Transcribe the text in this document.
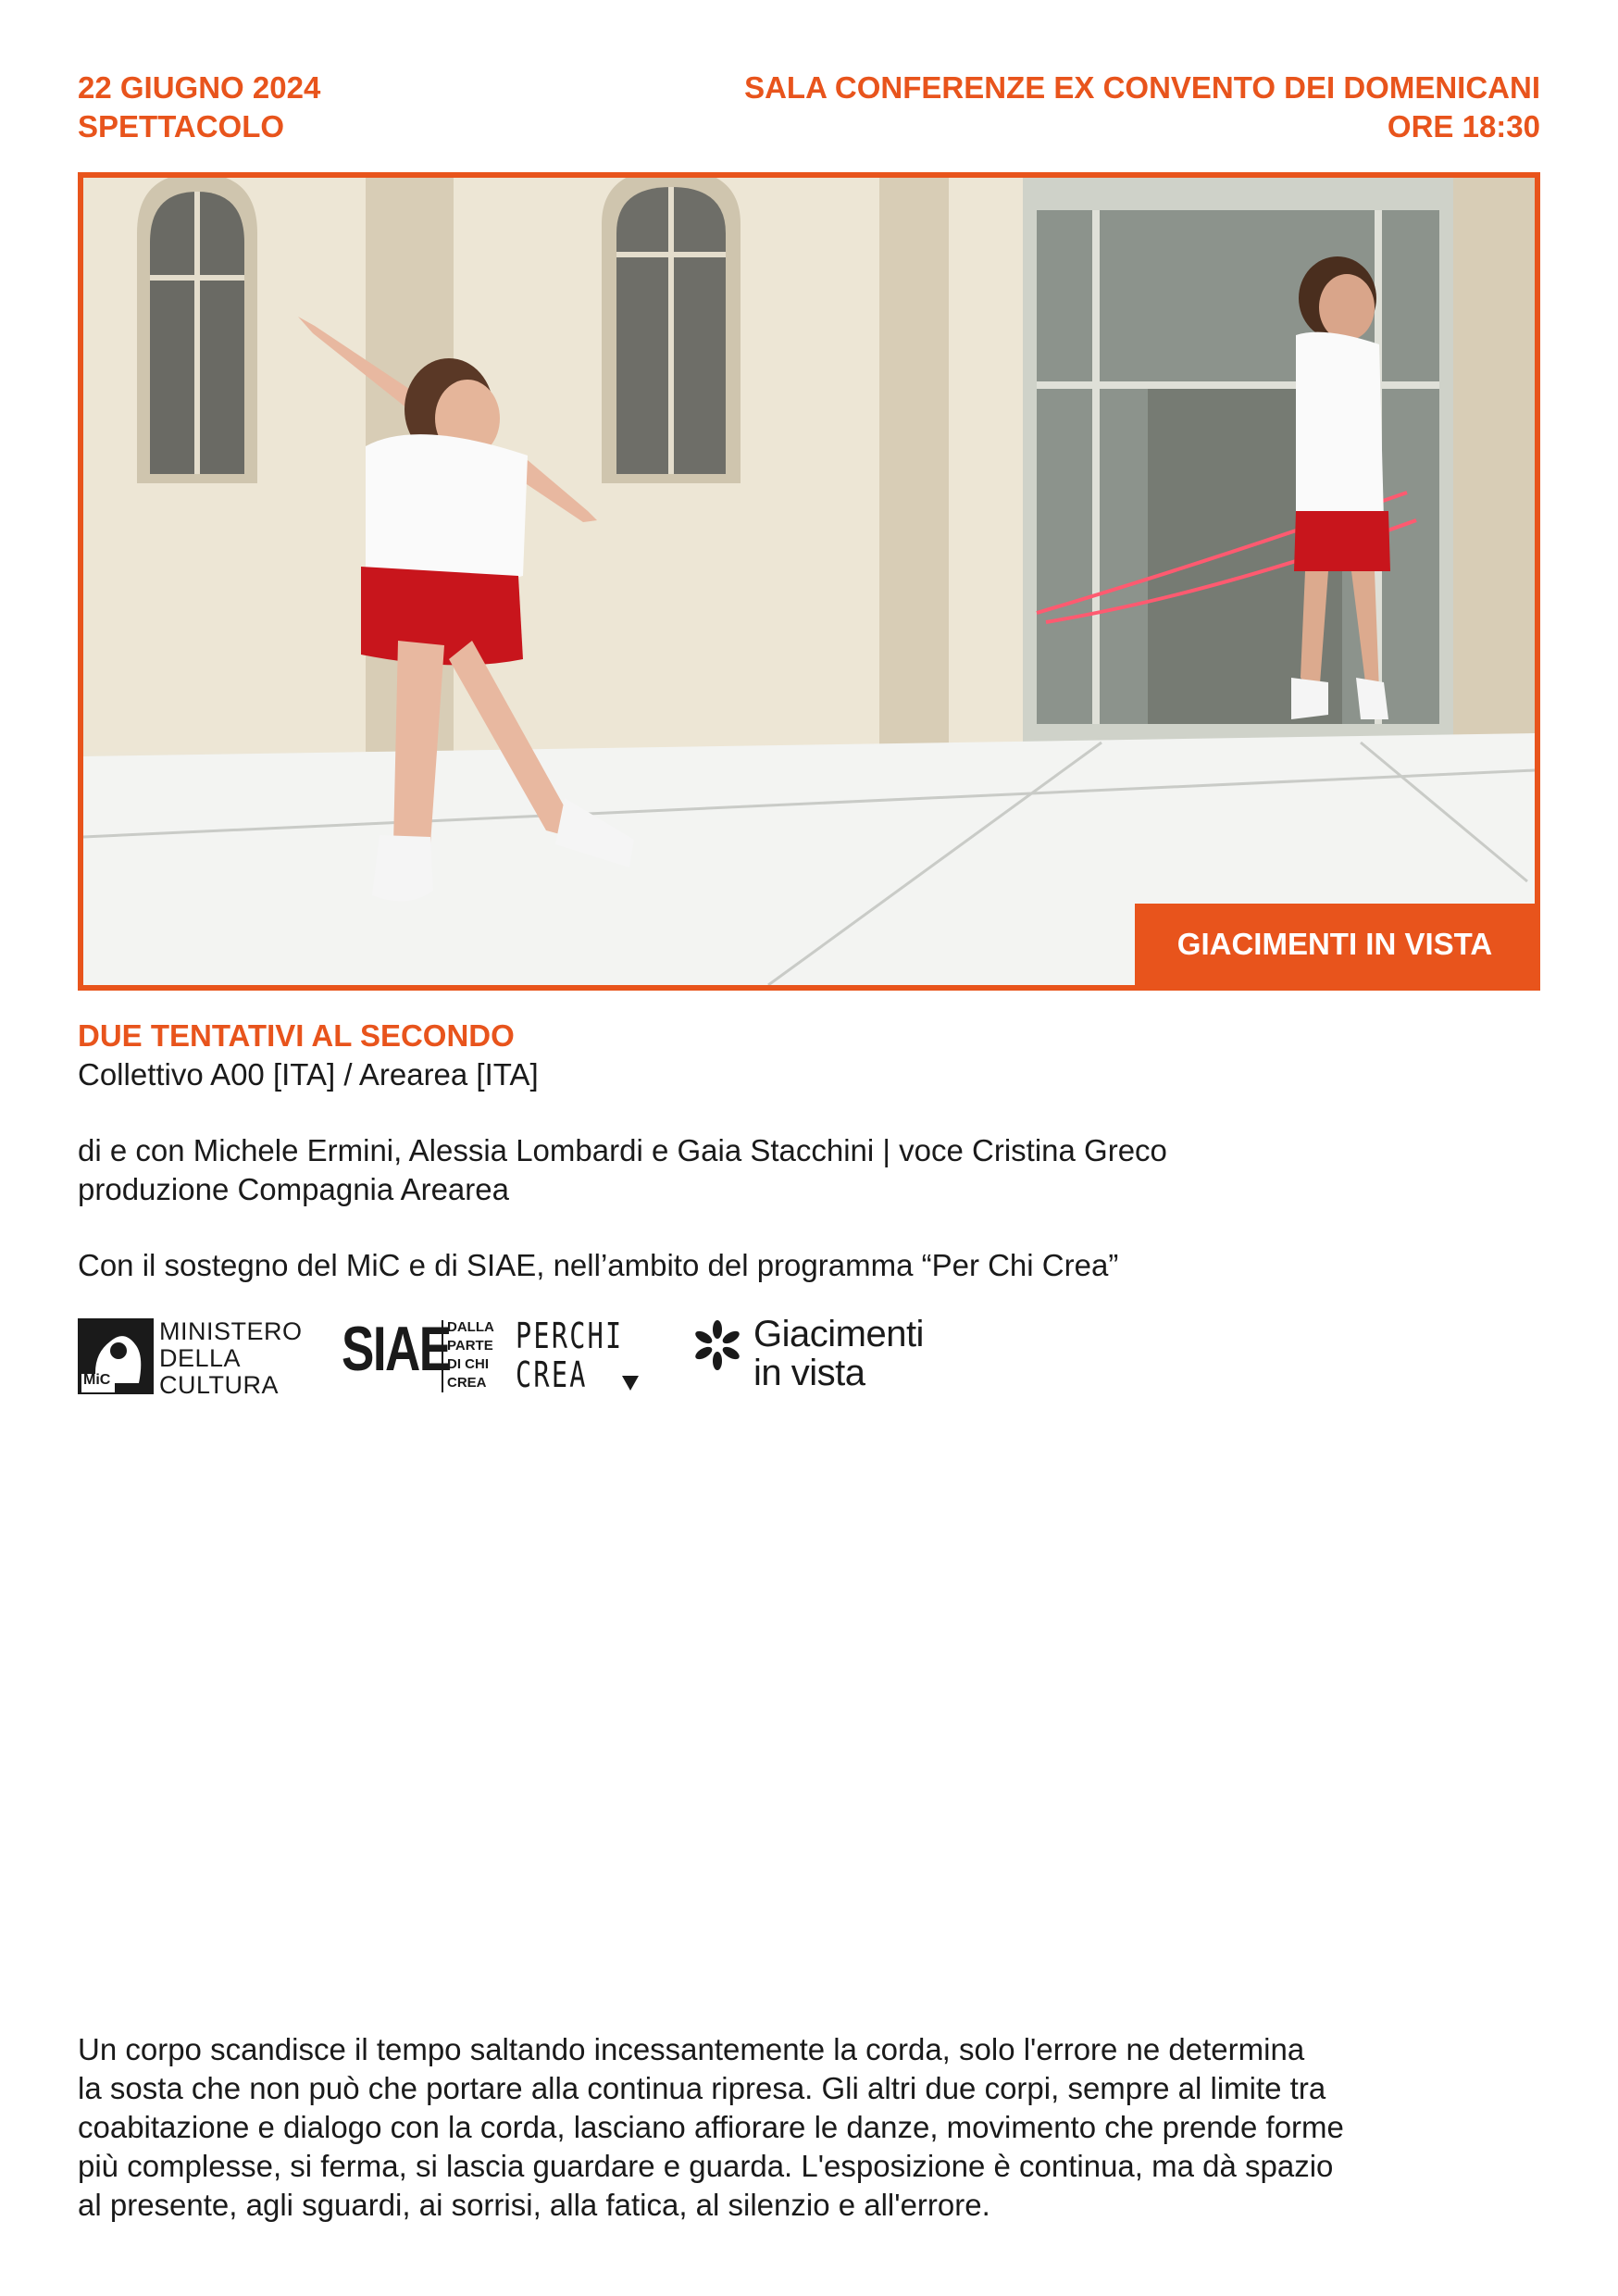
22 GIUGNO 2024
SPETTACOLO
SALA CONFERENZE EX CONVENTO DEI DOMENICANI
ORE 18:30
GIACIMENTI IN VISTA
DUE TENTATIVI AL SECONDO
Collettivo A00 [ITA] / Arearea [ITA]
di e con Michele Ermini, Alessia Lombardi e Gaia Stacchini | voce Cristina Greco
produzione Compagnia Arearea
Con il sostegno del MiC e di SIAE, nell’ambito del programma “Per Chi Crea”
MiC
MINISTERO
DELLA
CULTURA
SIAE
DALLA
PARTE
DI CHI
CREA
PERCHI
CREA
Giacimenti
in vista
Un corpo scandisce il tempo saltando incessantemente la corda, solo l'errore ne determina
la sosta che non può che portare alla continua ripresa. Gli altri due corpi, sempre al limite tra
coabitazione e dialogo con la corda, lasciano affiorare le danze, movimento che prende forme
più complesse, si ferma, si lascia guardare e guarda. L'esposizione è continua, ma dà spazio
al presente, agli sguardi, ai sorrisi, alla fatica, al silenzio e all'errore.
